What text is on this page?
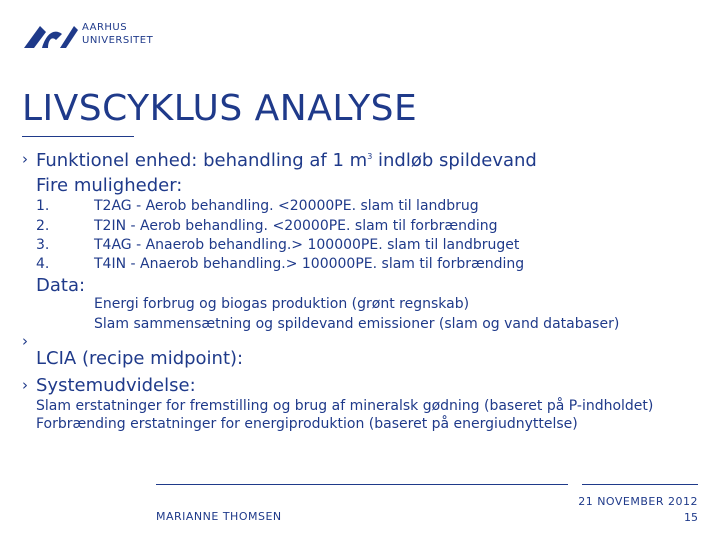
AARHUS
UNIVERSITET
LIVSCYKLUS ANALYSE
› Funktionel enhed: behandling af 1 $m^3$ indløb spildevand
Fire muligheder:
1.	T2AG - Aerob behandling. <20000PE. slam til landbrug
2.	T2IN - Aerob behandling. <20000PE. slam til forbrænding
3.	T4AG - Anaerob behandling.> 100000PE. slam til landbruget
4.	T4IN - Anaerob behandling.> 100000PE. slam til forbrænding
Data:
Energi forbrug og biogas produktion (grønt regnskab)
Slam sammensætning og spildevand emissioner (slam og vand databaser)
›
LCIA (recipe midpoint):
› Systemudvidelse:
Slam erstatninger for fremstilling og brug af mineralsk gødning (baseret på P-indholdet)
Forbrænding erstatninger for energiproduktion (baseret på energiudnyttelse)
MARIANNE THOMSEN
21 NOVEMBER 2012
15
